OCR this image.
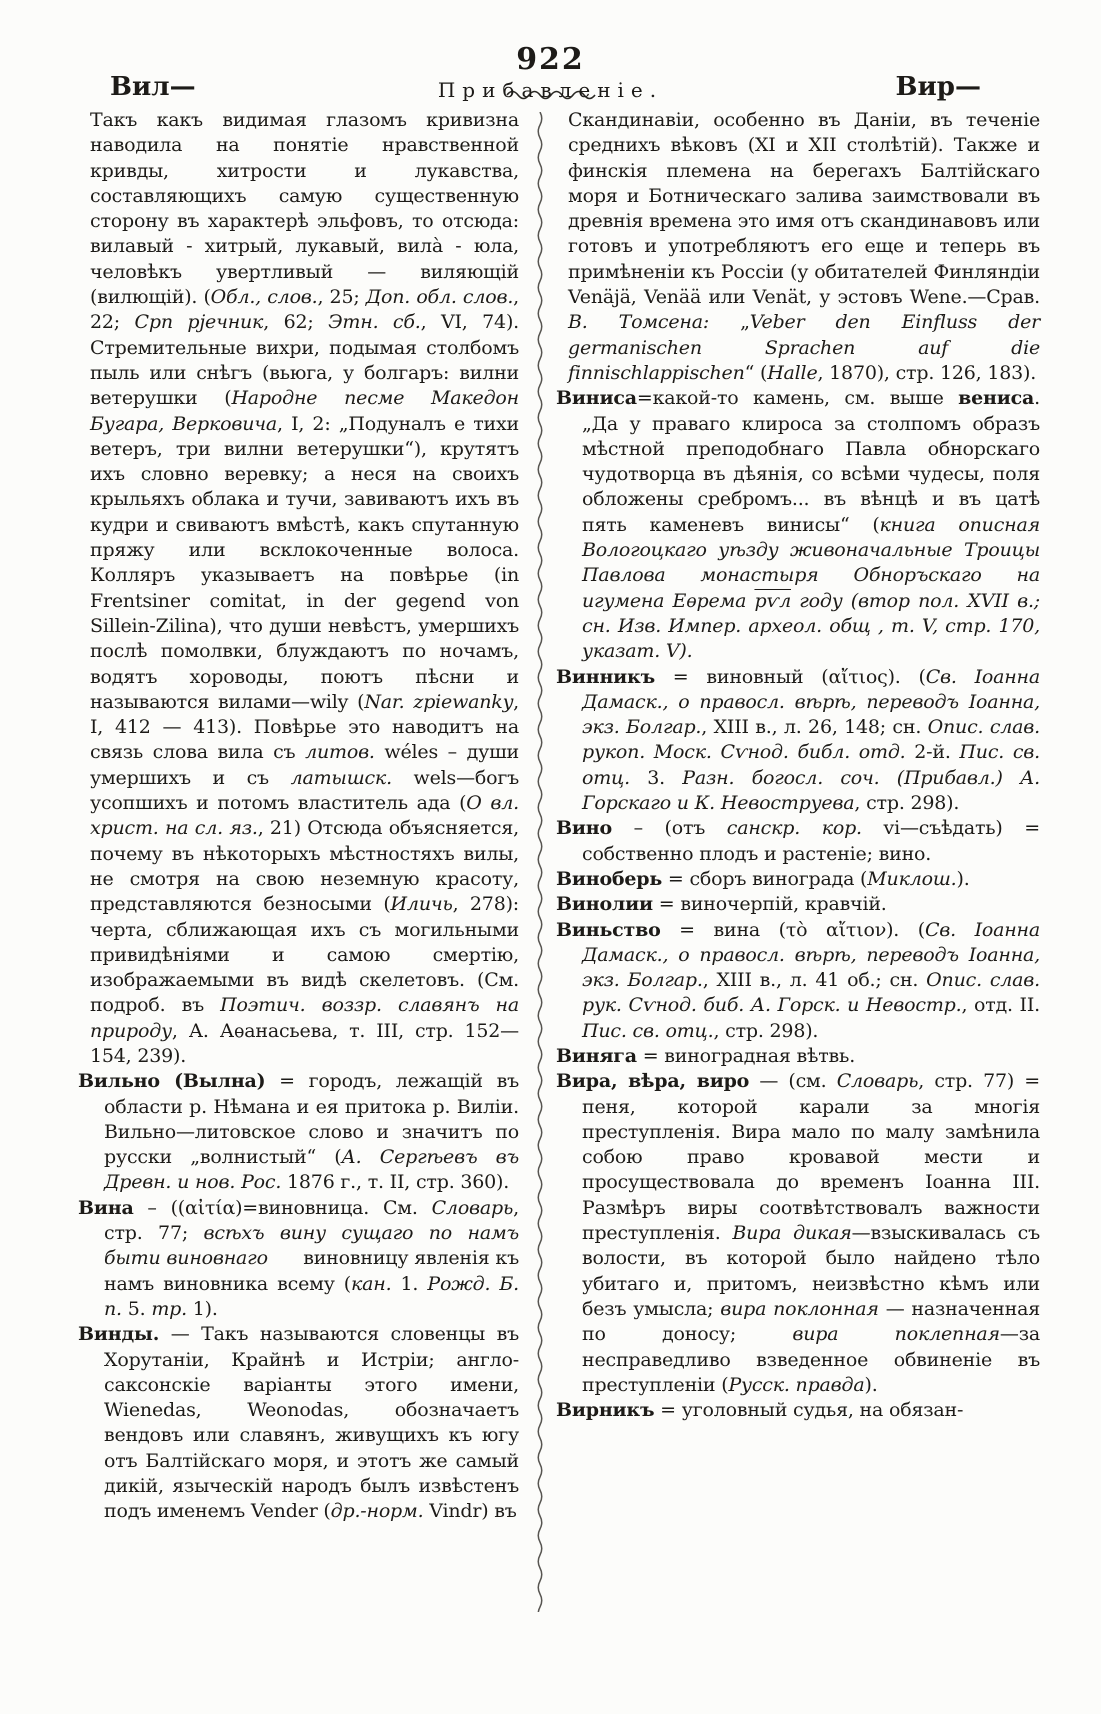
922
Вил—	Прибавленіе.	Вир—

Такъ какъ видимая глазомъ кривизна наводила на понятіе нравственной кривды, хитрости и лукавства, составляющихъ самую существенную сторону въ характерѣ эльфовъ, то отсюда: вилавый - хитрый, лукавый, вила̀ - юла, человѣкъ увертливый — виляющій (вилющій). (Обл., слов., 25; Доп. обл. слов., 22; Срп рјечник, 62; Этн. сб., VI, 74). Стремительные вихри, подымая столбомъ пыль или снѣгъ (вьюга, у болгаръ: вилни ветерушки (Народне песме Македон Бугара, Верковича, I, 2: „Подуналъ е тихи ветеръ, три вилни ветерушки“), крутятъ ихъ словно веревку; а неся на своихъ крыльяхъ облака и тучи, завиваютъ ихъ въ кудри и свиваютъ вмѣстѣ, какъ спутанную пряжу или всклокоченные волоса. Колляръ указываетъ на повѣрье (in Frentsiner comitat, in der gegend von Sillein-Zilina), что души невѣстъ, умершихъ послѣ помолвки, блуждаютъ по ночамъ, водятъ хороводы, поютъ пѣсни и называются вилами—wily (Nar. zpiewanky, I, 412 — 413). Повѣрье это наводитъ на связь слова вила съ литов. wéles – души умершихъ и съ латышск. wels—богъ усопшихъ и потомъ властитель ада (О вл. христ. на сл. яз., 21) Отсюда объясняется, почему въ нѣкоторыхъ мѣстностяхъ вилы, не смотря на свою неземную красоту, представляются безносыми (Иличь, 278): черта, сближающая ихъ съ могильными привидѣніями и самою смертію, изображаемыми въ видѣ скелетовъ. (См. подроб. въ Поэтич. воззр. славянъ на природу, А. Аѳанасьева, т. III, стр. 152—154, 239).

Вильно (Вылна) = городъ, лежащій въ области р. Нѣмана и ея притока р. Виліи. Вильно—литовское слово и значитъ по русски „волнистый“ (А. Сергѣевъ въ Древн. и нов. Рос. 1876 г., т. II, стр. 360).

Вина – ((αἰτία)=виновница. См. Словарь, стр. 77; всѣхъ вину сущаго по намъ быти виновнаго      виновницу явленія къ намъ виновника всему (кан. 1. Рожд. Б. п. 5. тр. 1).

Винды. — Такъ называются словенцы въ Хорутаніи, Крайнѣ и Истріи; англо-саксонскіе варіанты этого имени, Wienedas, Weonodas, обозначаетъ вендовъ или славянъ, живущихъ къ югу отъ Балтійскаго моря, и этотъ же самый дикій, языческій народъ былъ извѣстенъ подъ именемъ Vender (др.-норм. Vindr) въ

Скандинавіи, особенно въ Даніи, въ теченіе среднихъ вѣковъ (XI и XII столѣтій). Также и финскія племена на берегахъ Балтійскаго моря и Ботническаго залива заимствовали въ древнія времена это имя отъ скандинавовъ или готовъ и употребляютъ его еще и теперь въ примѣненіи къ Россіи (у обитателей Финляндіи Venäjä, Venää или Venät, у эстовъ Wene.—Срав. В. Томсена: „Veber den Einfluss der germanischen Sprachen auf die finnischlappischen“ (Halle, 1870), стр. 126, 183).

Виниса=какой-то камень, см. выше вениса. „Да у праваго клироса за столпомъ образъ мѣстной преподобнаго Павла обнорскаго чудотворца въ дѣянія, со всѣми чудесы, поля обложены сребромъ... въ вѣнцѣ и въ цатѣ пять каменевъ винисы“ (книга описная Вологоцкаго уѣзду живоначальные Троицы Павлова монастыря Обноръскаго на игумена Еѳрема рѵл году (втор пол. XVII в.; сн. Изв. Импер. археол. общ , т. V, стр. 170, указат. V).

Винникъ = виновный (αἴτιος). (Св. Іоанна Дамаск., о правосл. вѣрѣ, переводъ Іоанна, экз. Болгар., XIII в., л. 26, 148; сн. Опис. слав. рукоп. Моск. Сѵнод. библ. отд. 2-й. Пис. св. отц. 3. Разн. богосл. соч. (Прибавл.) А. Горскаго и К. Невоструева, стр. 298).

Вино – (отъ санскр. кор. vi—съѣдать) = собственно плодъ и растеніе; вино.

Виноберь = сборъ винограда (Миклош.).

Винолии = виночерпій, кравчій.

Виньство = вина (τὸ αἴτιον). (Св. Іоанна Дамаск., о правосл. вѣрѣ, переводъ Іоанна, экз. Болгар., XIII в., л. 41 об.; сн. Опис. слав. рук. Сѵнод. биб. А. Горск. и Невостр., отд. II. Пис. св. отц., стр. 298).

Виняга = виноградная вѣтвь.

Вира, вѣра, виро — (см. Словарь, стр. 77) = пеня, которой карали за многія преступленія. Вира мало по малу замѣнила собою право кровавой мести и просуществовала до временъ Іоанна III. Размѣръ виры соотвѣтствовалъ важности преступленія. Вира дикая—взыскивалась съ волости, въ которой было найдено тѣло убитаго и, притомъ, неизвѣстно кѣмъ или безъ умысла; вира поклонная — назначенная по доносу; вира поклепная—за несправедливо взведенное обвиненіе въ преступленіи (Русск. правда).

Вирникъ = уголовный судья, на обязан-
